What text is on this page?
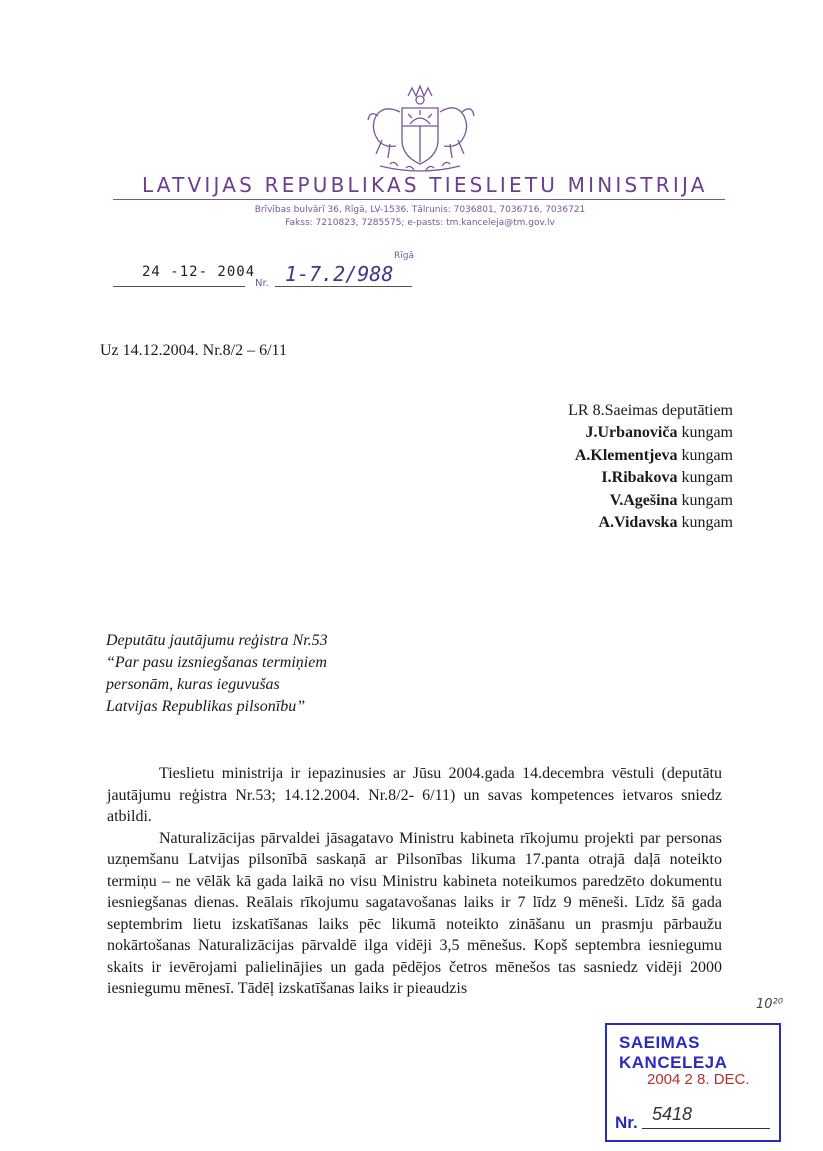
LATVIJAS REPUBLIKAS TIESLIETU MINISTRIJA
Brīvības bulvārī 36, Rīgā, LV-1536. Tālrunis: 7036801, 7036716, 7036721
Fakss: 7210823, 7285575; e-pasts: tm.kanceleja@tm.gov.lv
Rīgā
24 -12- 2004
Nr. 1-7.2/988
Uz 14.12.2004. Nr.8/2 – 6/11
LR 8.Saeimas deputātiem
J.Urbanoviča kungam
A.Klementjeva kungam
I.Ribakova kungam
V.Agešina kungam
A.Vidavska kungam
Deputātu jautājumu reģistra Nr.53
“Par pasu izsniegšanas termiņiem
personām, kuras ieguvušas
Latvijas Republikas pilsonību”

Tieslietu ministrija ir iepazinusies ar Jūsu 2004.gada 14.decembra vēstuli (deputātu jautājumu reģistra Nr.53; 14.12.2004. Nr.8/2- 6/11) un savas kompetences ietvaros sniedz atbildi.

Naturalizācijas pārvaldei jāsagatavo Ministru kabineta rīkojumu projekti par personas uzņemšanu Latvijas pilsonībā saskaņā ar Pilsonības likuma 17.panta otrajā daļā noteikto termiņu – ne vēlāk kā gada laikā no visu Ministru kabineta noteikumos paredzēto dokumentu iesniegšanas dienas. Reālais rīkojumu sagatavošanas laiks ir 7 līdz 9 mēneši. Līdz šā gada septembrim lietu izskatīšanas laiks pēc likumā noteikto zināšanu un prasmju pārbaužu nokārtošanas Naturalizācijas pārvaldē ilga vidēji 3,5 mēnešus. Kopš septembra iesniegumu skaits ir ievērojami palielinājies un gada pēdējos četros mēnešos tas sasniedz vidēji 2000 iesniegumu mēnesī. Tādēļ izskatīšanas laiks ir pieaudzis

10²⁰
SAEIMAS KANCELEJA
2004 2 8. DEC.
Nr. 5418
